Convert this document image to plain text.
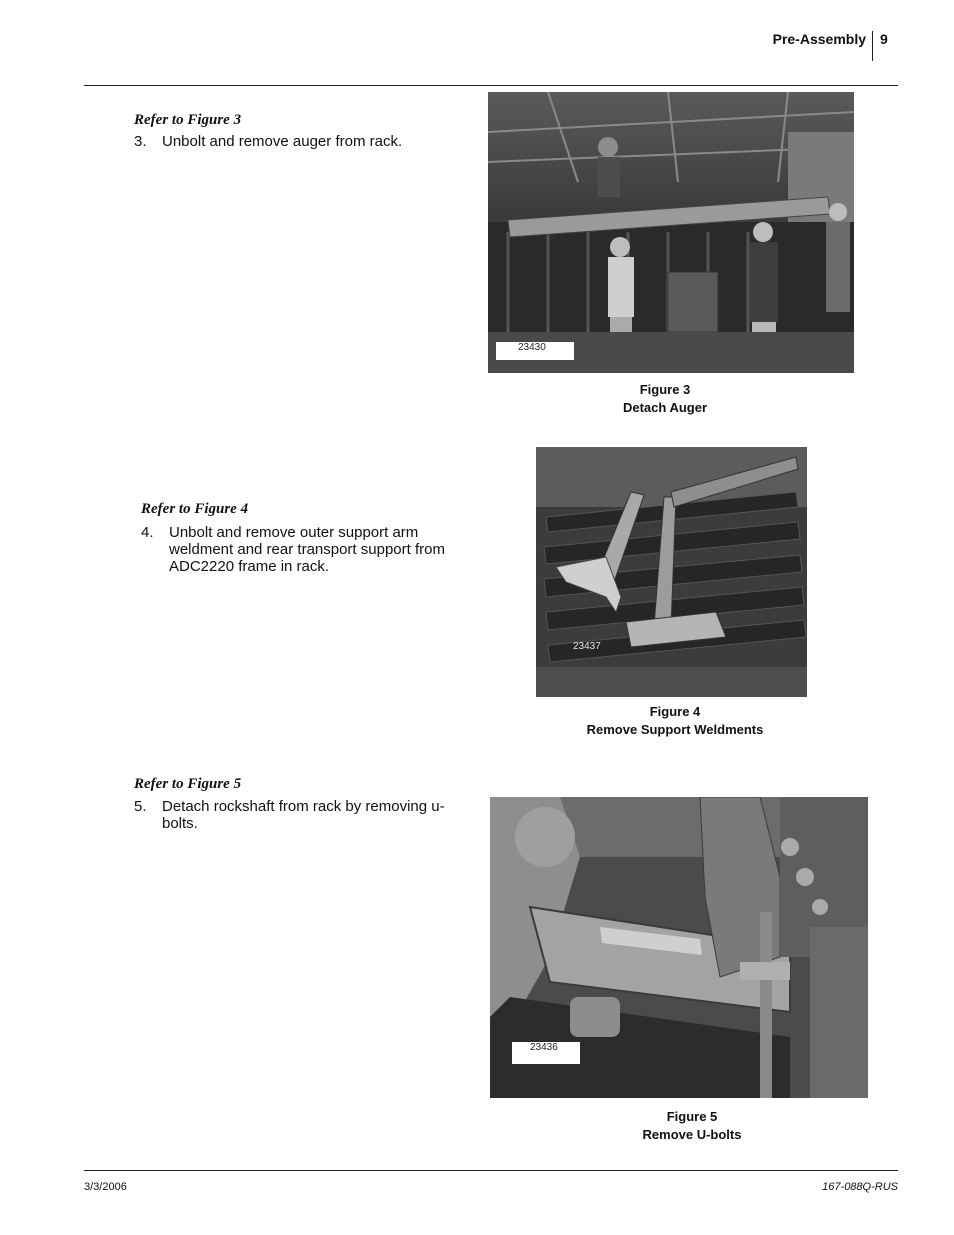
Pre-Assembly 9
Refer to Figure 3
3. Unbolt and remove auger from rack.
23430
Figure 3
Detach Auger
Refer to Figure 4
4. Unbolt and remove outer support arm
weldment and rear transport support from
ADC2220 frame in rack.
23437
Figure 4
Remove Support Weldments
Refer to Figure 5
5. Detach rockshaft from rack by removing u-
bolts.
23436
Figure 5
Remove U-bolts
3/3/2006	167-088Q-RUS
